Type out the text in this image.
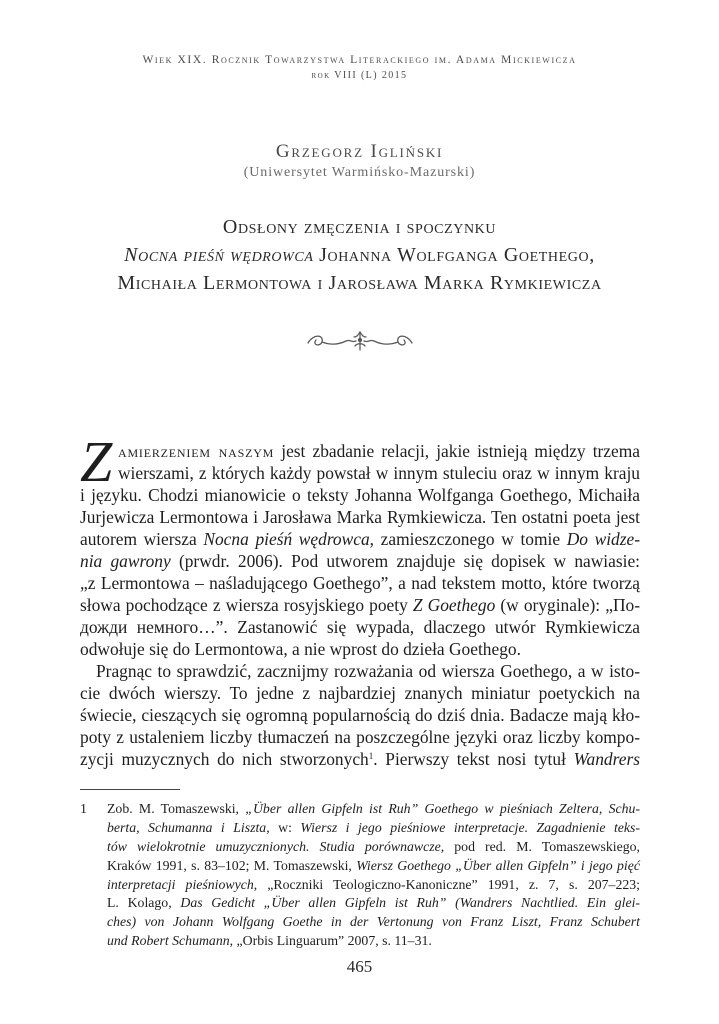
Wiek XIX. Rocznik Towarzystwa Literackiego im. Adama Mickiewicza
rok VIII (L) 2015
Grzegorz Igliński
(Uniwersytet Warmińsko-Mazurski)
Odsłony zmęczenia i spoczynku
Nocna pieśń wędrowca Johanna Wolfganga Goethego,
Michaiła Lermontowa i Jarosława Marka Rymkiewicza
Z amierzeniem naszym jest zbadanie relacji, jakie istnieją między trzema
wierszami, z których każdy powstał w innym stuleciu oraz w innym kraju
i języku. Chodzi mianowicie o teksty Johanna Wolfganga Goethego, Michaiła
Jurjewicza Lermontowa i Jarosława Marka Rymkiewicza. Ten ostatni poeta jest
autorem wiersza Nocna pieśń wędrowca, zamieszczonego w tomie Do widze-
nia gawrony (prwdr. 2006). Pod utworem znajduje się dopisek w nawiasie:
„z Lermontowa – naśladującego Goethego”, a nad tekstem motto, które tworzą
słowa pochodzące z wiersza rosyjskiego poety Z Goethego (w oryginale): „По-
дожди немного…”. Zastanowić się wypada, dlaczego utwór Rymkiewicza
odwołuje się do Lermontowa, a nie wprost do dzieła Goethego.
Pragnąc to sprawdzić, zacznijmy rozważania od wiersza Goethego, a w isto-
cie dwóch wierszy. To jedne z najbardziej znanych miniatur poetyckich na
świecie, cieszących się ogromną popularnością do dziś dnia. Badacze mają kło-
poty z ustaleniem liczby tłumaczeń na poszczególne języki oraz liczby kompo-
zycji muzycznych do nich stworzonych$^1$. Pierwszy tekst nosi tytuł Wandrers
1 Zob. M. Tomaszewski, „Über allen Gipfeln ist Ruh” Goethego w pieśniach Zeltera, Schu-
berta, Schumanna i Liszta, w: Wiersz i jego pieśniowe interpretacje. Zagadnienie teks-
tów wielokrotnie umuzycznionych. Studia porównawcze, pod red. M. Tomaszewskiego,
Kraków 1991, s. 83–102; M. Tomaszewski, Wiersz Goethego „Über allen Gipfeln” i jego pięć
interpretacji pieśniowych, „Roczniki Teologiczno-Kanoniczne” 1991, z. 7, s. 207–223;
L. Kolago, Das Gedicht „Über allen Gipfeln ist Ruh” (Wandrers Nachtlied. Ein glei-
ches) von Johann Wolfgang Goethe in der Vertonung von Franz Liszt, Franz Schubert
und Robert Schumann, „Orbis Linguarum” 2007, s. 11–31.
465
